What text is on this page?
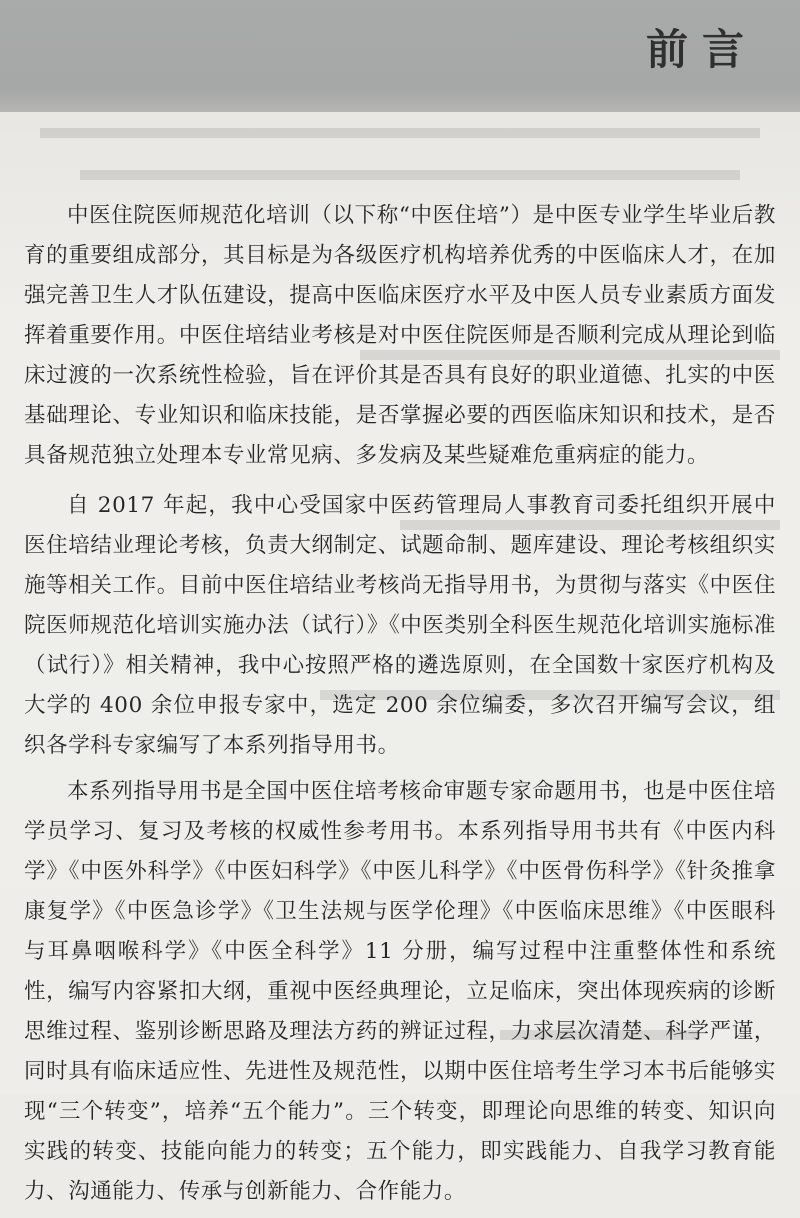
前言

中医住院医师规范化培训（以下称“中医住培”）是中医专业学生毕业后教育的重要组成部分，其目标是为各级医疗机构培养优秀的中医临床人才，在加强完善卫生人才队伍建设，提高中医临床医疗水平及中医人员专业素质方面发挥着重要作用。中医住培结业考核是对中医住院医师是否顺利完成从理论到临床过渡的一次系统性检验，旨在评价其是否具有良好的职业道德、扎实的中医基础理论、专业知识和临床技能，是否掌握必要的西医临床知识和技术，是否具备规范独立处理本专业常见病、多发病及某些疑难危重病症的能力。

自 2017 年起，我中心受国家中医药管理局人事教育司委托组织开展中医住培结业理论考核，负责大纲制定、试题命制、题库建设、理论考核组织实施等相关工作。目前中医住培结业考核尚无指导用书，为贯彻与落实《中医住院医师规范化培训实施办法（试行）》《中医类别全科医生规范化培训实施标准（试行）》相关精神，我中心按照严格的遴选原则，在全国数十家医疗机构及大学的 400 余位申报专家中，选定 200 余位编委，多次召开编写会议，组织各学科专家编写了本系列指导用书。

本系列指导用书是全国中医住培考核命审题专家命题用书，也是中医住培学员学习、复习及考核的权威性参考用书。本系列指导用书共有《中医内科学》《中医外科学》《中医妇科学》《中医儿科学》《中医骨伤科学》《针灸推拿康复学》《中医急诊学》《卫生法规与医学伦理》《中医临床思维》《中医眼科与耳鼻咽喉科学》《中医全科学》11 分册，编写过程中注重整体性和系统性，编写内容紧扣大纲，重视中医经典理论，立足临床，突出体现疾病的诊断思维过程、鉴别诊断思路及理法方药的辨证过程，力求层次清楚、科学严谨，同时具有临床适应性、先进性及规范性，以期中医住培考生学习本书后能够实现“三个转变”，培养“五个能力”。三个转变，即理论向思维的转变、知识向实践的转变、技能向能力的转变；五个能力，即实践能力、自我学习教育能力、沟通能力、传承与创新能力、合作能力。
